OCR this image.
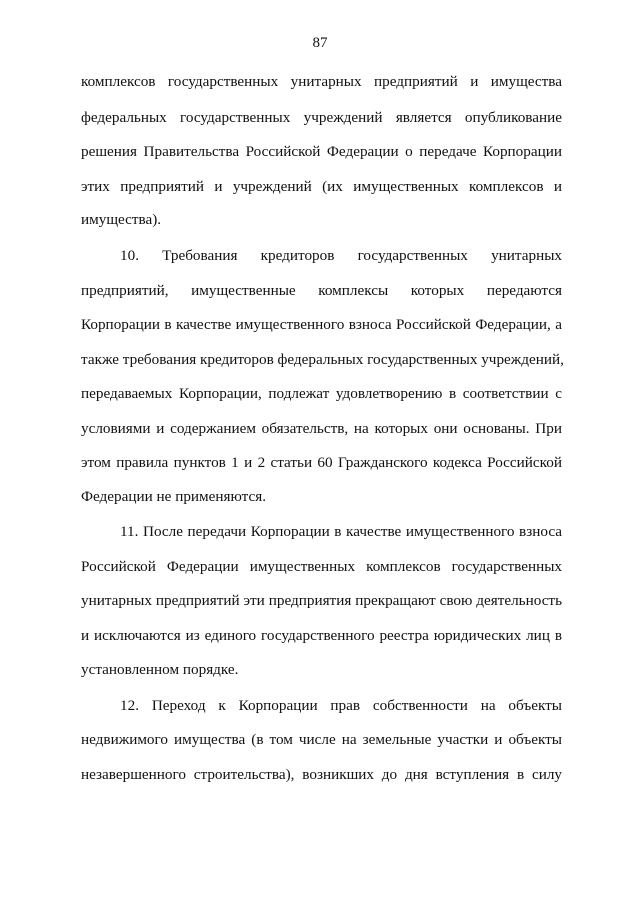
87
комплексов государственных унитарных предприятий и имущества
федеральных государственных учреждений является опубликование
решения Правительства Российской Федерации о передаче Корпорации
этих предприятий и учреждений (их имущественных комплексов и
имущества).
10. Требования кредиторов государственных унитарных
предприятий, имущественные комплексы которых передаются
Корпорации в качестве имущественного взноса Российской Федерации, а
также требования кредиторов федеральных государственных учреждений,
передаваемых Корпорации, подлежат удовлетворению в соответствии с
условиями и содержанием обязательств, на которых они основаны. При
этом правила пунктов 1 и 2 статьи 60 Гражданского кодекса Российской
Федерации не применяются.
11. После передачи Корпорации в качестве имущественного взноса
Российской Федерации имущественных комплексов государственных
унитарных предприятий эти предприятия прекращают свою деятельность
и исключаются из единого государственного реестра юридических лиц в
установленном порядке.
12. Переход к Корпорации прав собственности на объекты
недвижимого имущества (в том числе на земельные участки и объекты
незавершенного строительства), возникших до дня вступления в силу
